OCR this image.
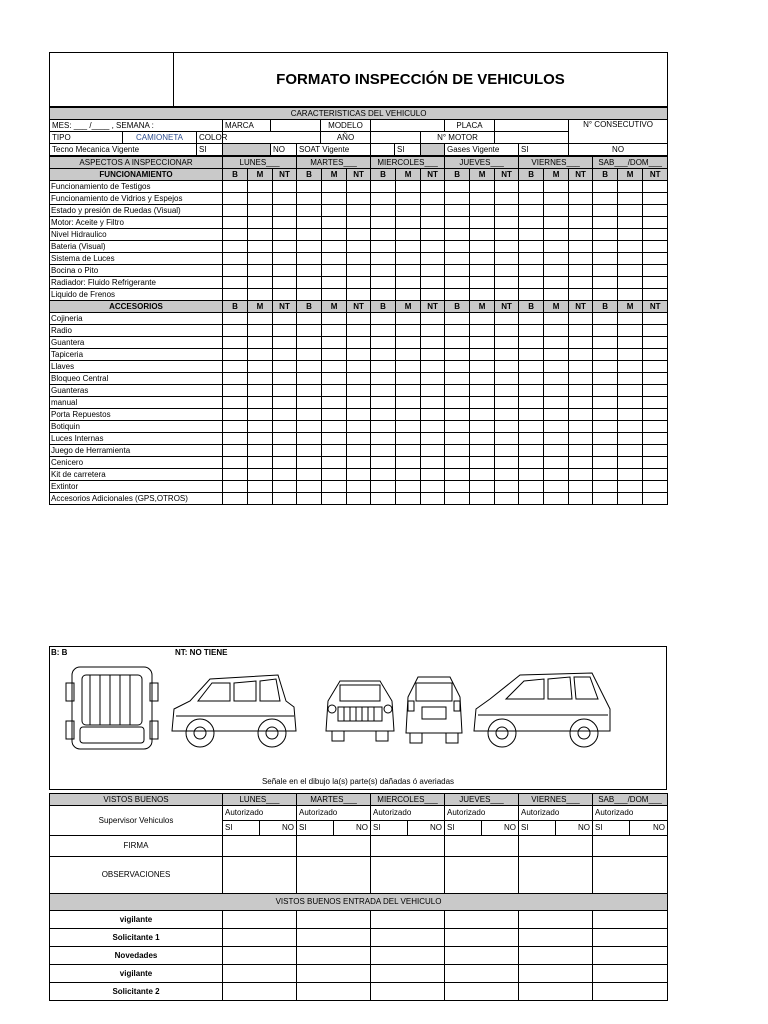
	FORMATO INSPECCIÓN DE VEHICULOS
CARACTERISTICAS DEL VEHICULO													
MES: ___ /____ , SEMANA :			MARCA			MODELO				PLACA			N° CONSECUTIVO
TIPO	CAMIONETA	COLOR				AÑO			N° MOTOR				
Tecno Mecanica Vigente		SI		NO	SOAT Vigente			SI		Gases Vigente		SI	NO
ASPECTOS A INSPECCIONAR	LUNES___			MARTES___			MIERCOLES___			JUEVES___			VIERNES___			SAB___/DOM___		
FUNCIONAMIENTO	B	M	NT	B	M	NT	B	M	NT	B	M	NT	B	M	NT	B	M	NT
Funcionamiento de Testigos																		
Funcionamiento de Vidrios y Espejos																		
Estado y presión de Ruedas (Visual)																		
Motor: Aceite y Filtro																		
Nivel Hidraulico																		
Bateria (Visual)																		
Sistema de Luces																		
Bocina o Pito																		
Radiador: Fluido Refrigerante																		
Liquido de Frenos																		
ACCESORIOS	B	M	NT	B	M	NT	B	M	NT	B	M	NT	B	M	NT	B	M	NT
Cojineria																		
Radio																		
Guantera																		
Tapiceria																		
Llaves																		
Bloqueo Central																		
Guanteras																		
manual																		
Porta Repuestos																		
Botiquin																		
Luces Internas																		
Juego de Herramienta																		
Cenicero																		
Kit de carretera																		
Extintor																		
Accesorios Adicionales (GPS,OTROS)																		
B: B	NT: NO TIENE
Señale en el dibujo la(s) parte(s) dañadas ó averiadas
VISTOS BUENOS	LUNES___		MARTES___		MIERCOLES___		JUEVES___		VIERNES___		SAB___/DOM___	
Supervisor Vehiculos	Autorizado		Autorizado		Autorizado		Autorizado		Autorizado		Autorizado	
	SI	NO	SI	NO	SI	NO	SI	NO	SI	NO	SI	NO
FIRMA												
OBSERVACIONES												
VISTOS BUENOS ENTRADA DEL VEHICULO												
vigilante												
Solicitante 1												
Novedades												
vigilante												
Solicitante 2												
